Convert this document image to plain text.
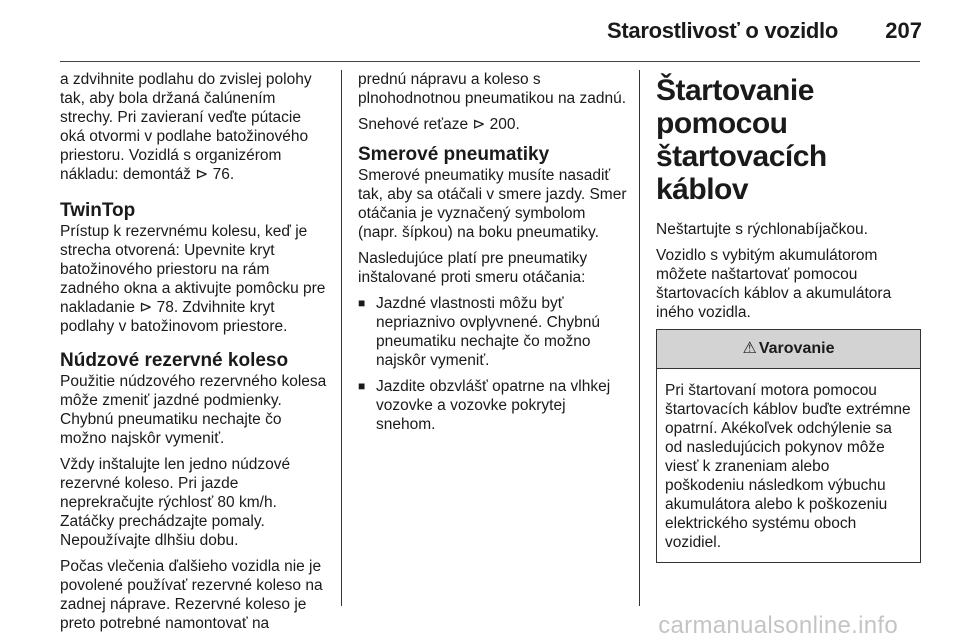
Starostlivosť o vozidlo 207

a zdvihnite podlahu do zvislej polohy tak, aby bola držaná čalúnením strechy. Pri zavieraní veďte pútacie oká otvormi v podlahe batožinového priestoru. Vozidlá s organizérom nákladu: demontáž ⊳ 76.

TwinTop

Prístup k rezervnému kolesu, keď je strecha otvorená: Upevnite kryt batožinového priestoru na rám zadného okna a aktivujte pomôcku pre nakladanie ⊳ 78. Zdvihnite kryt podlahy v batožinovom priestore.

Núdzové rezervné koleso

Použitie núdzového rezervného kolesa môže zmeniť jazdné podmienky. Chybnú pneumatiku nechajte čo možno najskôr vymeniť.

Vždy inštalujte len jedno núdzové rezervné koleso. Pri jazde neprekračujte rýchlosť 80 km/h. Zatáčky prechádzajte pomaly. Nepoužívajte dlhšiu dobu.

Počas vlečenia ďalšieho vozidla nie je povolené používať rezervné koleso na zadnej náprave. Rezervné koleso je preto potrebné namontovať na

prednú nápravu a koleso s plnohodnotnou pneumatikou na zadnú.

Snehové reťaze ⊳ 200.

Smerové pneumatiky

Smerové pneumatiky musíte nasadiť tak, aby sa otáčali v smere jazdy. Smer otáčania je vyznačený symbolom (napr. šípkou) na boku pneumatiky.

Nasledujúce platí pre pneumatiky inštalované proti smeru otáčania:

■ Jazdné vlastnosti môžu byť nepriaznivo ovplyvnené. Chybnú pneumatiku nechajte čo možno najskôr vymeniť.
■ Jazdite obzvlášť opatrne na vlhkej vozovke a vozovke pokrytej snehom.
Štartovanie pomocou štartovacích káblov

Neštartujte s rýchlonabíjačkou.

Vozidlo s vybitým akumulátorom môžete naštartovať pomocou štartovacích káblov a akumulátora iného vozidla.

⚠ Varovanie
Pri štartovaní motora pomocou štartovacích káblov buďte extrémne opatrní. Akékoľvek odchýlenie sa od nasledujúcich pokynov môže viesť k zraneniam alebo poškodeniu následkom výbuchu akumulátora alebo k poškozeniu elektrického systému oboch vozidiel.
carmanualsonline.info
